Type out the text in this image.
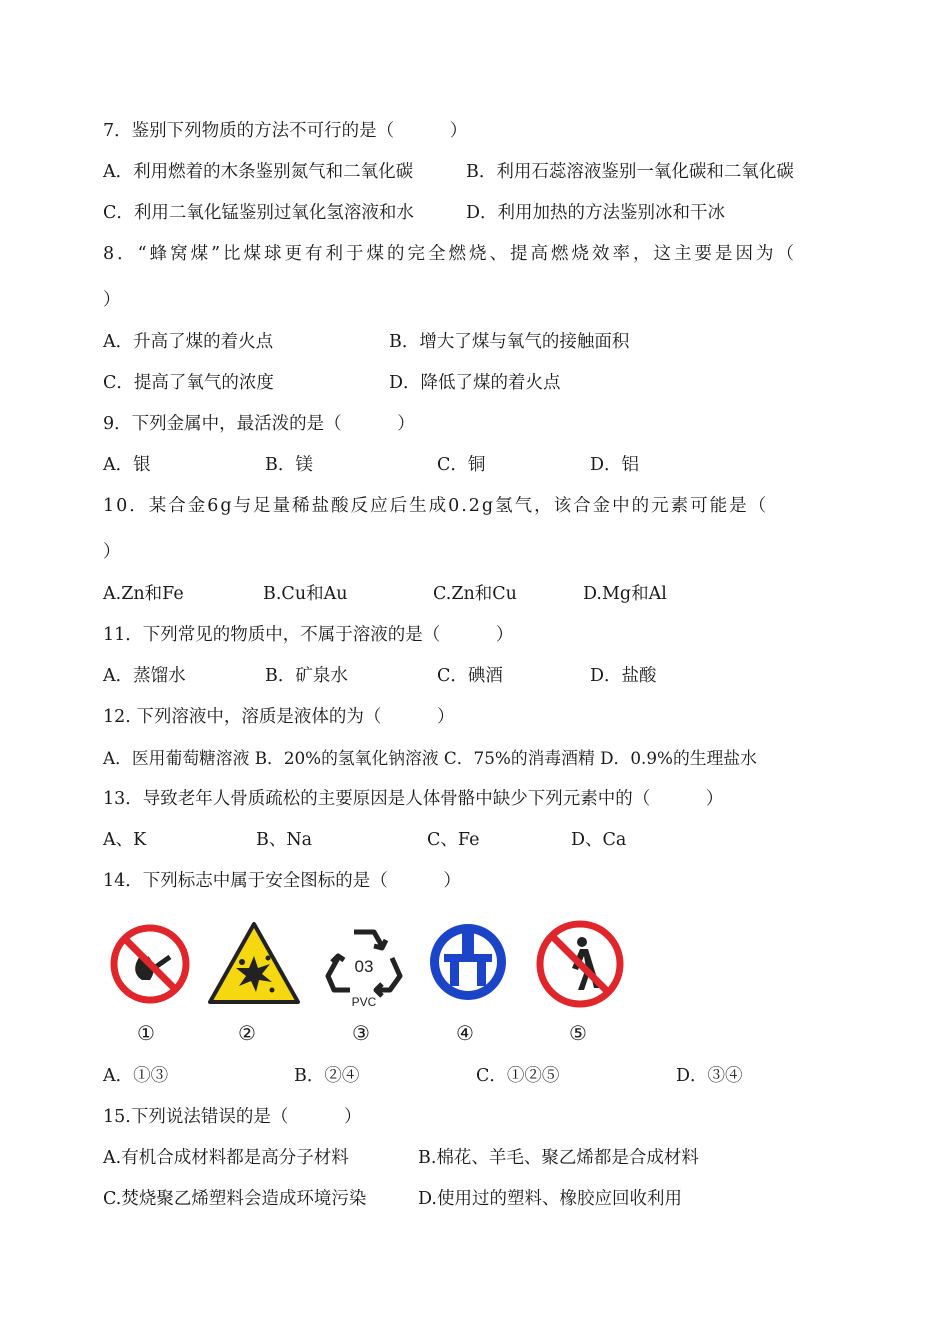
7．鉴别下列物质的方法不可行的是（          ）
A．利用燃着的木条鉴别氮气和二氧化碳	B．利用石蕊溶液鉴别一氧化碳和二氧化碳
C．利用二氧化锰鉴别过氧化氢溶液和水	D．利用加热的方法鉴别冰和干冰
8．“蜂窝煤”比煤球更有利于煤的完全燃烧、提高燃烧效率，这主要是因为（
）
A．升高了煤的着火点	B．增大了煤与氧气的接触面积
C．提高了氧气的浓度	D．降低了煤的着火点
9．下列金属中，最活泼的是（          ）
A．银	B．镁	C．铜	D．铝
10．某合金6g与足量稀盐酸反应后生成0.2g氢气，该合金中的元素可能是（
）
A.Zn和Fe	B.Cu和Au	C.Zn和Cu	D.Mg和Al
11．下列常见的物质中，不属于溶液的是（          ）
A．蒸馏水	B．矿泉水	C．碘酒	D．盐酸
12. 下列溶液中，溶质是液体的为（          ）
A．医用葡萄糖溶液 B．20%的氢氧化钠溶液 C．75%的消毒酒精 D．0.9%的生理盐水
13．导致老年人骨质疏松的主要原因是人体骨骼中缺少下列元素中的（          ）
A、K	B、Na	C、Fe	D、Ca
14．下列标志中属于安全图标的是（          ）
03
PVC
①	②	③	④	⑤
A．①③	B．②④	C．①②⑤	D．③④
15.下列说法错误的是（          ）
A.有机合成材料都是高分子材料	B.棉花、羊毛、聚乙烯都是合成材料
C.焚烧聚乙烯塑料会造成环境污染	D.使用过的塑料、橡胶应回收利用
